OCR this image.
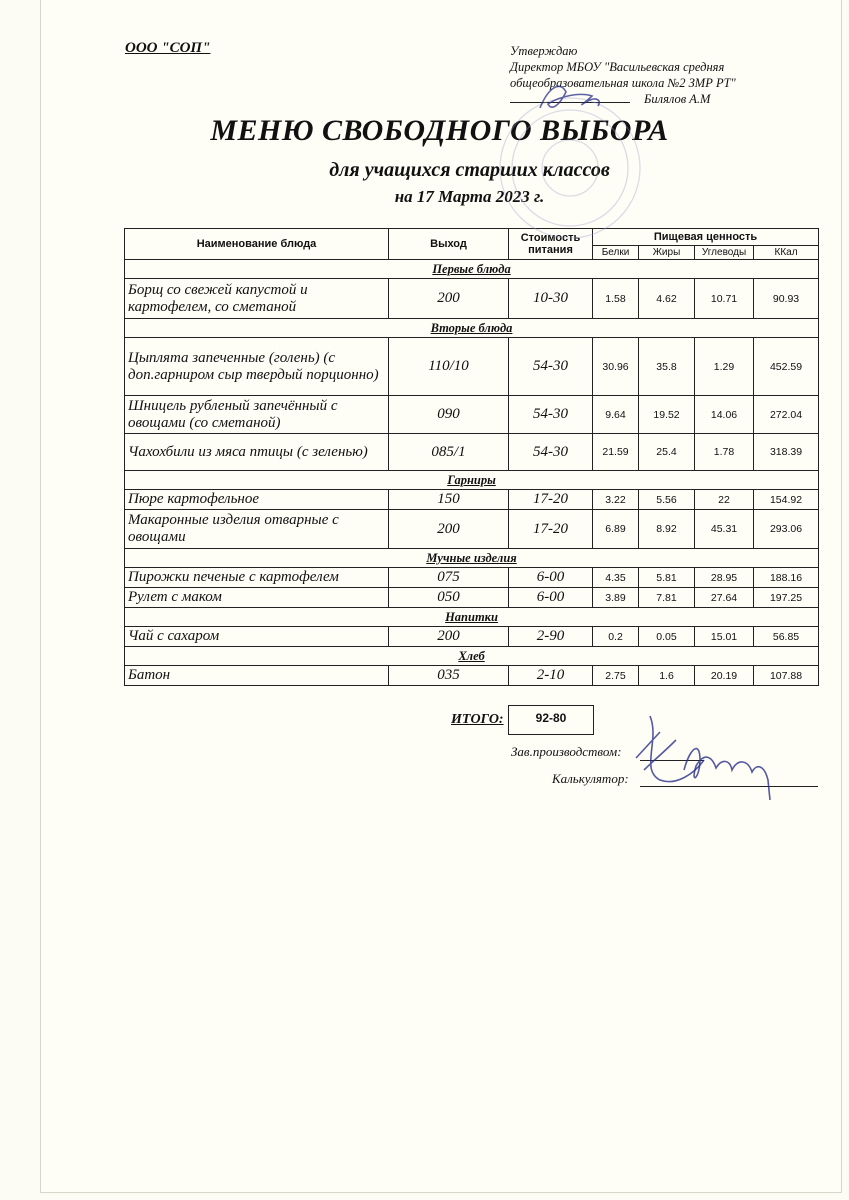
ООО "СОП"	Утверждаю
Директор МБОУ "Васильевская средняя
общеобразовательная школа №2 ЗМР РТ"
Билялов А.М
МЕНЮ СВОБОДНОГО ВЫБОРА
для учащихся старших классов
на 17 Марта 2023 г.
Наименование блюда	Выход	Стоимость питания	Пищевая ценность			
			Белки	Жиры	Углеводы	ККал
Первые блюда						
Борщ со свежей капустой и картофелем, со сметаной	200	10-30	1.58	4.62	10.71	90.93
Вторые блюда						
Цыплята запеченные (голень) (с доп.гарниром сыр твердый порционно)	110/10	54-30	30.96	35.8	1.29	452.59
Шницель рубленый запечённый с овощами (со сметаной)	090	54-30	9.64	19.52	14.06	272.04
Чахохбили из мяса птицы (с зеленью)	085/1	54-30	21.59	25.4	1.78	318.39
Гарниры						
Пюре картофельное	150	17-20	3.22	5.56	22	154.92
Макаронные изделия отварные с овощами	200	17-20	6.89	8.92	45.31	293.06
Мучные изделия						
Пирожки печеные с картофелем	075	6-00	4.35	5.81	28.95	188.16
Рулет с маком	050	6-00	3.89	7.81	27.64	197.25
Напитки						
Чай с сахаром	200	2-90	0.2	0.05	15.01	56.85
Хлеб						
Батон	035	2-10	2.75	1.6	20.19	107.88
ИТОГО:	92-80
Зав.производством:
Калькулятор:
